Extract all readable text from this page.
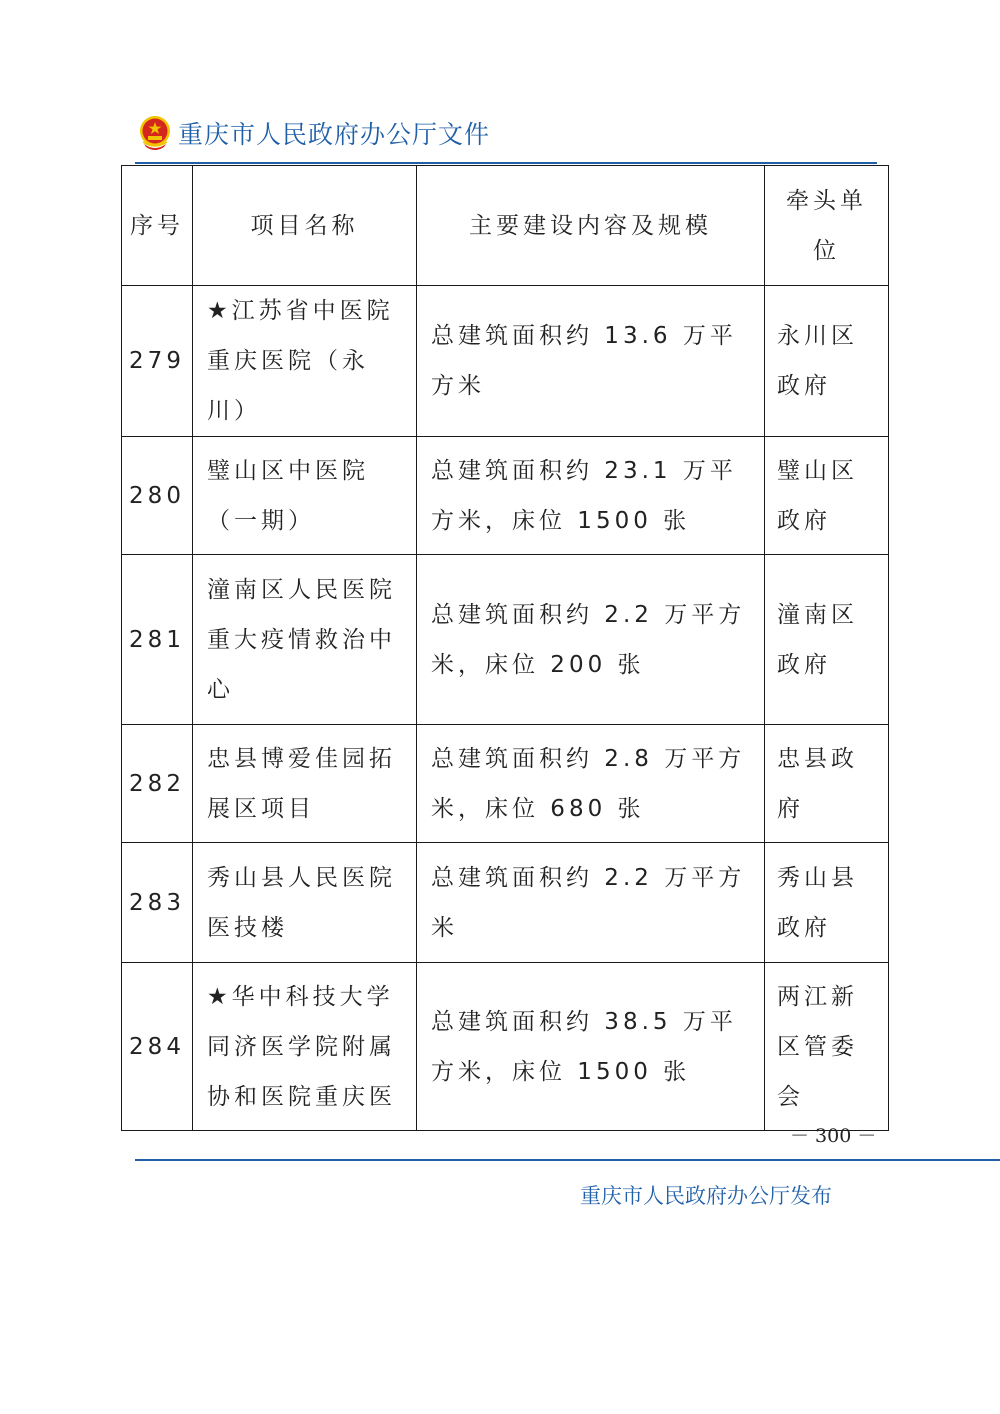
重庆市人民政府办公厅文件
序号	项目名称	主要建设内容及规模	牵头单位
279	★江苏省中医院重庆医院（永川）	总建筑面积约 13.6 万平方米	永川区政府
280	璧山区中医院（一期）	总建筑面积约 23.1 万平方米，床位 1500 张	璧山区政府
281	潼南区人民医院重大疫情救治中心	总建筑面积约 2.2 万平方米，床位 200 张	潼南区政府
282	忠县博爱佳园拓展区项目	总建筑面积约 2.8 万平方米，床位 680 张	忠县政府
283	秀山县人民医院医技楼	总建筑面积约 2.2 万平方米	秀山县政府
284	★华中科技大学同济医学院附属协和医院重庆医	总建筑面积约 38.5 万平方米，床位 1500 张	两江新区管委会
－ 300 －
重庆市人民政府办公厅发布
